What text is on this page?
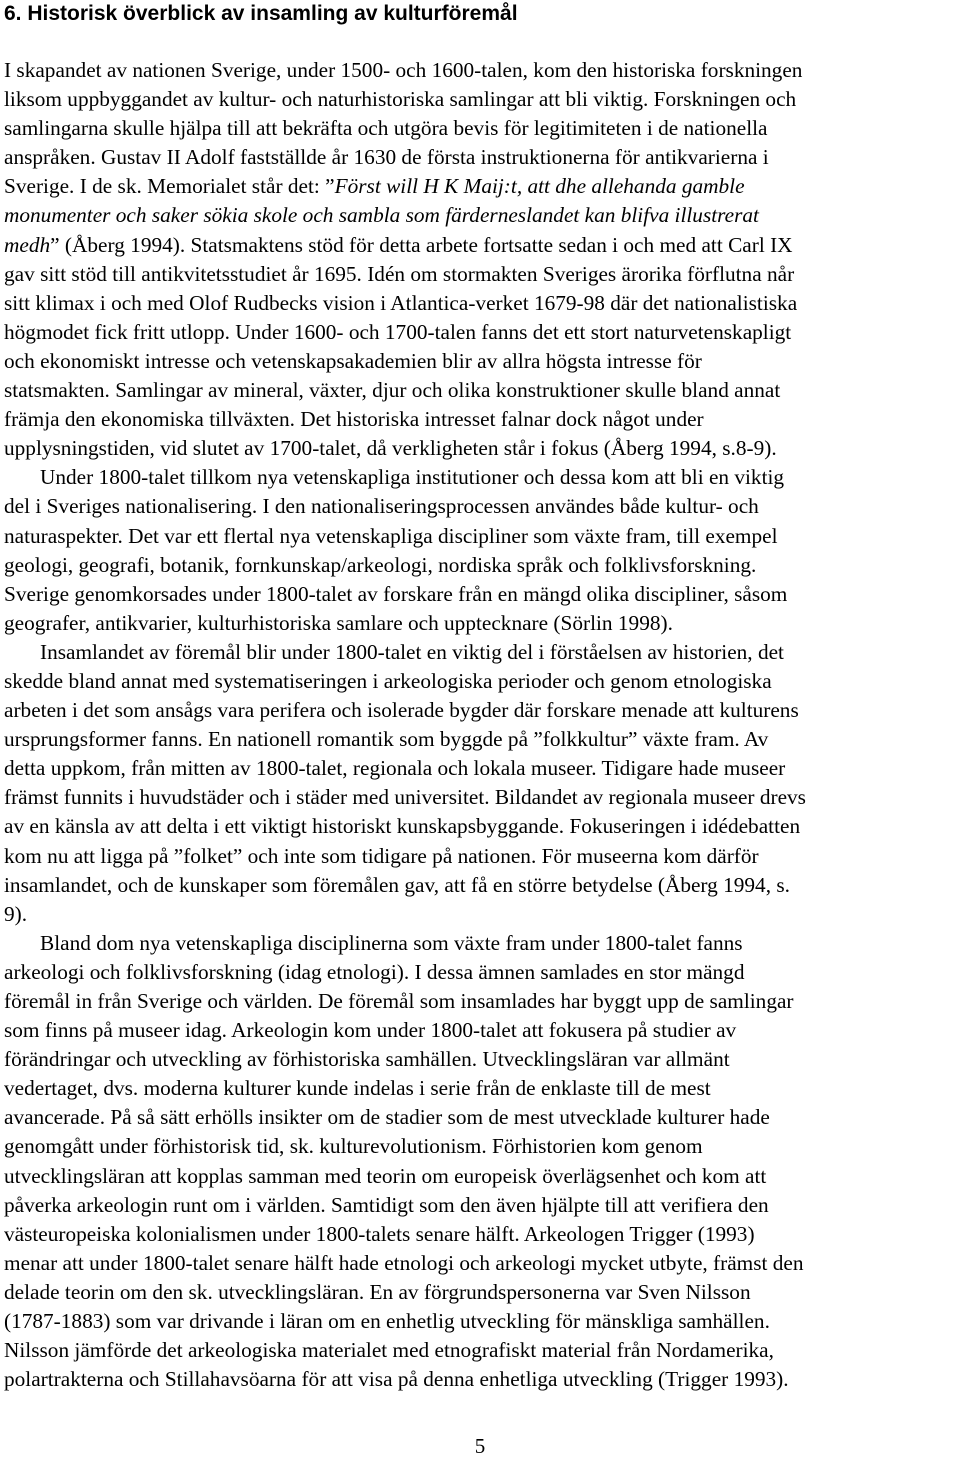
6. Historisk överblick av insamling av kulturföremål

I skapandet av nationen Sverige, under 1500- och 1600-talen, kom den historiska forskningen
liksom uppbyggandet av kultur- och naturhistoriska samlingar att bli viktig. Forskningen och
samlingarna skulle hjälpa till att bekräfta och utgöra bevis för legitimiteten i de nationella
anspråken. Gustav II Adolf fastställde år 1630 de första instruktionerna för antikvarierna i
Sverige. I de sk. Memorialet står det: ”Först will H K Maij:t, att dhe allehanda gamble
monumenter och saker sökia skole och sambla som färderneslandet kan blifva illustrerat
medh” (Åberg 1994). Statsmaktens stöd för detta arbete fortsatte sedan i och med att Carl IX
gav sitt stöd till antikvitetsstudiet år 1695. Idén om stormakten Sveriges ärorika förflutna når
sitt klimax i och med Olof Rudbecks vision i Atlantica-verket 1679-98 där det nationalistiska
högmodet fick fritt utlopp. Under 1600- och 1700-talen fanns det ett stort naturvetenskapligt
och ekonomiskt intresse och vetenskapsakademien blir av allra högsta intresse för
statsmakten. Samlingar av mineral, växter, djur och olika konstruktioner skulle bland annat
främja den ekonomiska tillväxten. Det historiska intresset falnar dock något under
upplysningstiden, vid slutet av 1700-talet, då verkligheten står i fokus (Åberg 1994, s.8-9).

Under 1800-talet tillkom nya vetenskapliga institutioner och dessa kom att bli en viktig
del i Sveriges nationalisering. I den nationaliseringsprocessen användes både kultur- och
naturaspekter. Det var ett flertal nya vetenskapliga discipliner som växte fram, till exempel
geologi, geografi, botanik, fornkunskap/arkeologi, nordiska språk och folklivsforskning.
Sverige genomkorsades under 1800-talet av forskare från en mängd olika discipliner, såsom
geografer, antikvarier, kulturhistoriska samlare och upptecknare (Sörlin 1998).

Insamlandet av föremål blir under 1800-talet en viktig del i förståelsen av historien, det
skedde bland annat med systematiseringen i arkeologiska perioder och genom etnologiska
arbeten i det som ansågs vara perifera och isolerade bygder där forskare menade att kulturens
ursprungsformer fanns. En nationell romantik som byggde på ”folkkultur” växte fram. Av
detta uppkom, från mitten av 1800-talet, regionala och lokala museer. Tidigare hade museer
främst funnits i huvudstäder och i städer med universitet. Bildandet av regionala museer drevs
av en känsla av att delta i ett viktigt historiskt kunskapsbyggande. Fokuseringen i idédebatten
kom nu att ligga på ”folket” och inte som tidigare på nationen. För museerna kom därför
insamlandet, och de kunskaper som föremålen gav, att få en större betydelse (Åberg 1994, s.
9).

Bland dom nya vetenskapliga disciplinerna som växte fram under 1800-talet fanns
arkeologi och folklivsforskning (idag etnologi). I dessa ämnen samlades en stor mängd
föremål in från Sverige och världen. De föremål som insamlades har byggt upp de samlingar
som finns på museer idag. Arkeologin kom under 1800-talet att fokusera på studier av
förändringar och utveckling av förhistoriska samhällen. Utvecklingsläran var allmänt
vedertaget, dvs. moderna kulturer kunde indelas i serie från de enklaste till de mest
avancerade. På så sätt erhölls insikter om de stadier som de mest utvecklade kulturer hade
genomgått under förhistorisk tid, sk. kulturevolutionism. Förhistorien kom genom
utvecklingsläran att kopplas samman med teorin om europeisk överlägsenhet och kom att
påverka arkeologin runt om i världen. Samtidigt som den även hjälpte till att verifiera den
västeuropeiska kolonialismen under 1800-talets senare hälft. Arkeologen Trigger (1993)
menar att under 1800-talet senare hälft hade etnologi och arkeologi mycket utbyte, främst den
delade teorin om den sk. utvecklingsläran. En av förgrundspersonerna var Sven Nilsson
(1787-1883) som var drivande i läran om en enhetlig utveckling för mänskliga samhällen.
Nilsson jämförde det arkeologiska materialet med etnografiskt material från Nordamerika,
polartrakterna och Stillahavsöarna för att visa på denna enhetliga utveckling (Trigger 1993).

5
